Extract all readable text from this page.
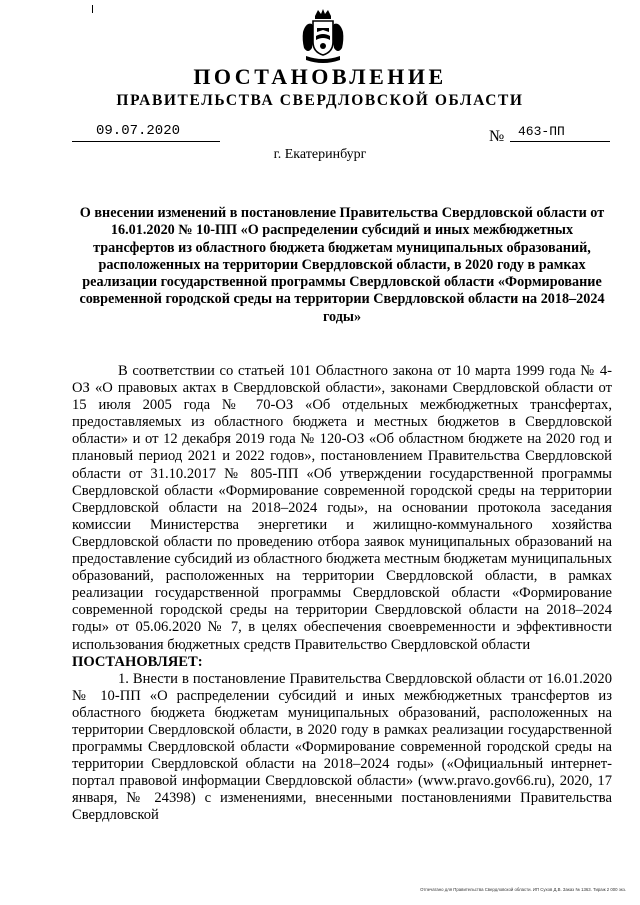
ПОСТАНОВЛЕНИЕ
ПРАВИТЕЛЬСТВА СВЕРДЛОВСКОЙ ОБЛАСТИ
09.07.2020	№ 463-ПП
г. Екатеринбург
О внесении изменений в постановление Правительства Свердловской области от 16.01.2020 № 10-ПП «О распределении субсидий и иных межбюджетных трансфертов из областного бюджета бюджетам муниципальных образований, расположенных на территории Свердловской области, в 2020 году в рамках реализации государственной программы Свердловской области «Формирование современной городской среды на территории Свердловской области на 2018–2024 годы»

В соответствии со статьей 101 Областного закона от 10 марта 1999 года № 4-ОЗ «О правовых актах в Свердловской области», законами Свердловской области от 15 июля 2005 года № 70-ОЗ «Об отдельных межбюджетных трансфертах, предоставляемых из областного бюджета и местных бюджетов в Свердловской области» и от 12 декабря 2019 года № 120-ОЗ «Об областном бюджете на 2020 год и плановый период 2021 и 2022 годов», постановлением Правительства Свердловской области от 31.10.2017 № 805-ПП «Об утверждении государственной программы Свердловской области «Формирование современной городской среды на территории Свердловской области на 2018–2024 годы», на основании протокола заседания комиссии Министерства энергетики и жилищно-коммунального хозяйства Свердловской области по проведению отбора заявок муниципальных образований на предоставление субсидий из областного бюджета местным бюджетам муниципальных образований, расположенных на территории Свердловской области, в рамках реализации государственной программы Свердловской области «Формирование современной городской среды на территории Свердловской области на 2018–2024 годы» от 05.06.2020 № 7, в целях обеспечения своевременности и эффективности использования бюджетных средств Правительство Свердловской области

ПОСТАНОВЛЯЕТ:

1. Внести в постановление Правительства Свердловской области от 16.01.2020 № 10-ПП «О распределении субсидий и иных межбюджетных трансфертов из областного бюджета бюджетам муниципальных образований, расположенных на территории Свердловской области, в 2020 году в рамках реализации государственной программы Свердловской области «Формирование современной городской среды на территории Свердловской области на 2018–2024 годы» («Официальный интернет-портал правовой информации Свердловской области» (www.pravo.gov66.ru), 2020, 17 января, № 24398) с изменениями, внесенными постановлениями Правительства Свердловской

Отпечатано для Правительства Свердловской области. ИП Сухов Д.В. Заказ № 1363. Тираж 2 000 экз.
